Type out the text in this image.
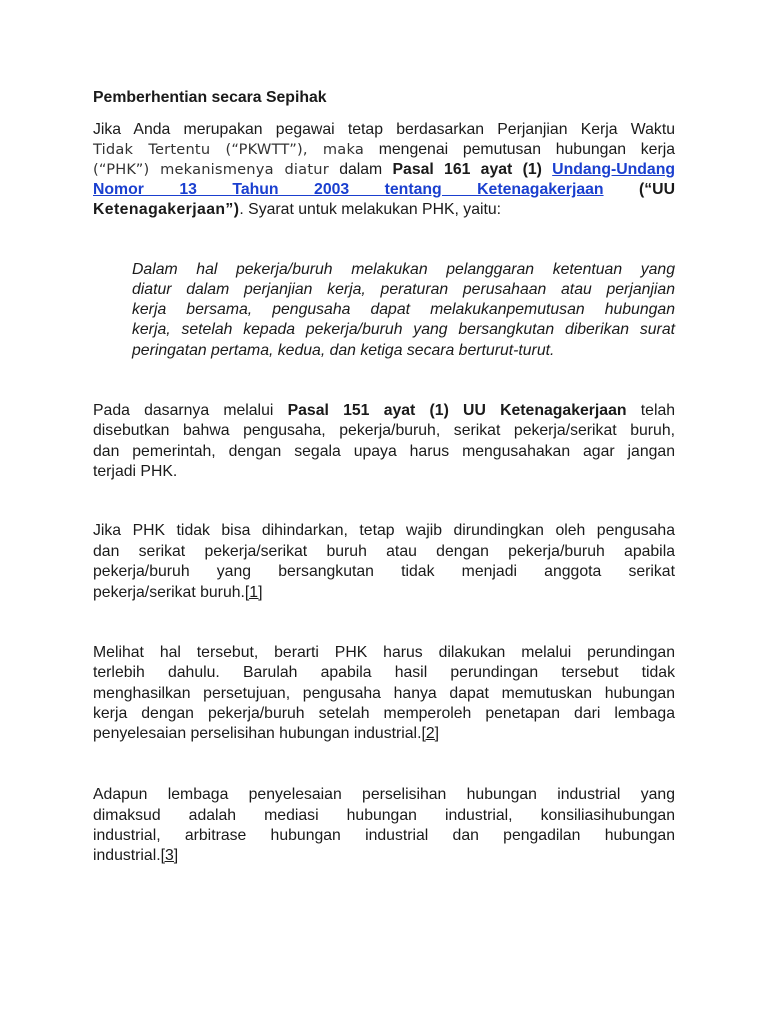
Pemberhentian secara Sepihak

Jika Anda merupakan pegawai tetap berdasarkan Perjanjian Kerja Waktu

Tidak Tertentu (“PKWTT”), maka mengenai pemutusan hubungan kerja

(“PHK”) mekanismenya diatur dalam Pasal 161 ayat (1) Undang-Undang

Nomor 13 Tahun 2003 tentang Ketenagakerjaan (“UU

Ketenagakerjaan”). Syarat untuk melakukan PHK, yaitu:

Dalam hal pekerja/buruh melakukan pelanggaran ketentuan yang

diatur dalam perjanjian kerja, peraturan perusahaan atau perjanjian

kerja bersama, pengusaha dapat melakukanpemutusan hubungan

kerja, setelah kepada pekerja/buruh yang bersangkutan diberikan surat

peringatan pertama, kedua, dan ketiga secara berturut-turut.

Pada dasarnya melalui Pasal 151 ayat (1) UU Ketenagakerjaan telah

disebutkan bahwa pengusaha, pekerja/buruh, serikat pekerja/serikat buruh,

dan pemerintah, dengan segala upaya harus mengusahakan agar jangan

terjadi PHK.

Jika PHK tidak bisa dihindarkan, tetap wajib dirundingkan oleh pengusaha

dan serikat pekerja/serikat buruh atau dengan pekerja/buruh apabila

pekerja/buruh yang bersangkutan tidak menjadi anggota serikat

pekerja/serikat buruh.[1]

Melihat hal tersebut, berarti PHK harus dilakukan melalui perundingan

terlebih dahulu. Barulah apabila hasil perundingan tersebut tidak

menghasilkan persetujuan, pengusaha hanya dapat memutuskan hubungan

kerja dengan pekerja/buruh setelah memperoleh penetapan dari lembaga

penyelesaian perselisihan hubungan industrial.[2]

Adapun lembaga penyelesaian perselisihan hubungan industrial yang

dimaksud adalah mediasi hubungan industrial, konsiliasihubungan

industrial, arbitrase hubungan industrial dan pengadilan hubungan

industrial.[3]
